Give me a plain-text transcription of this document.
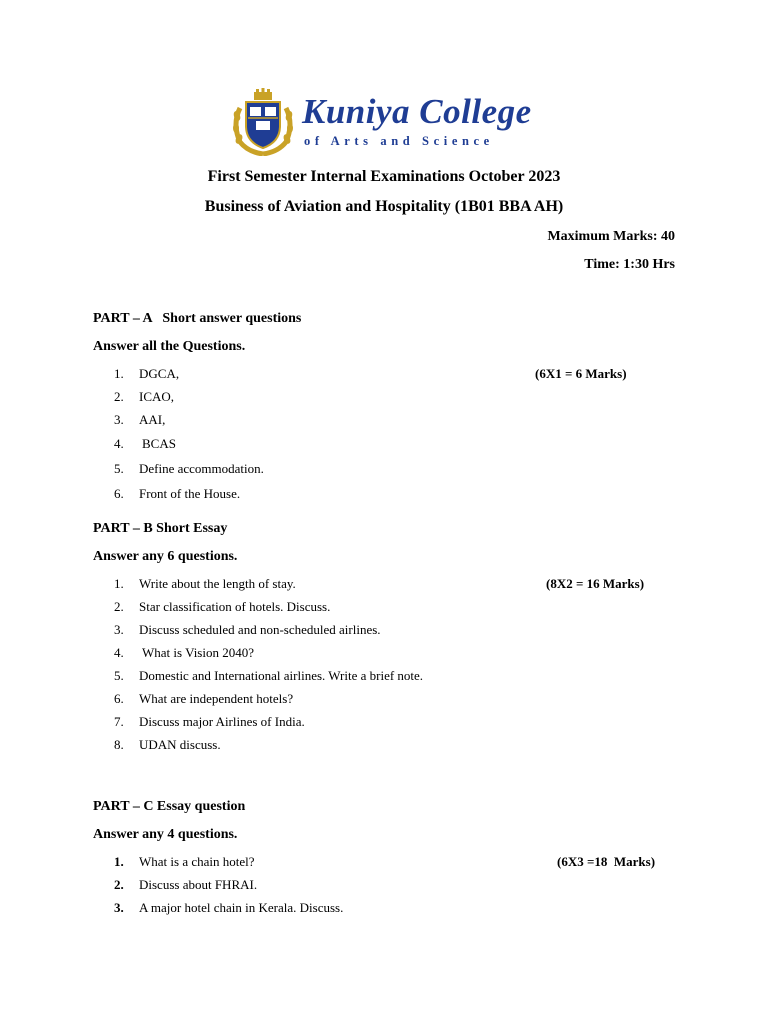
Kuniya College
of Arts and Science
First Semester Internal Examinations October 2023
Business of Aviation and Hospitality (1B01 BBA AH)
Maximum Marks: 40
Time: 1:30 Hrs
PART – A   Short answer questions
Answer all the Questions.
(6X1 = 6 Marks)
1.	DGCA,
2.	ICAO,
3.	AAI,
4.	BCAS
5.	Define accommodation.
6.	Front of the House.
PART – B Short Essay
Answer any 6 questions.
(8X2 = 16 Marks)
1.	Write about the length of stay.
2.	Star classification of hotels. Discuss.
3.	Discuss scheduled and non-scheduled airlines.
4.	What is Vision 2040?
5.	Domestic and International airlines. Write a brief note.
6.	What are independent hotels?
7.	Discuss major Airlines of India.
8.	UDAN discuss.
PART – C Essay question
Answer any 4 questions.
(6X3 =18  Marks)
1.	What is a chain hotel?
2.	Discuss about FHRAI.
3.	A major hotel chain in Kerala. Discuss.
